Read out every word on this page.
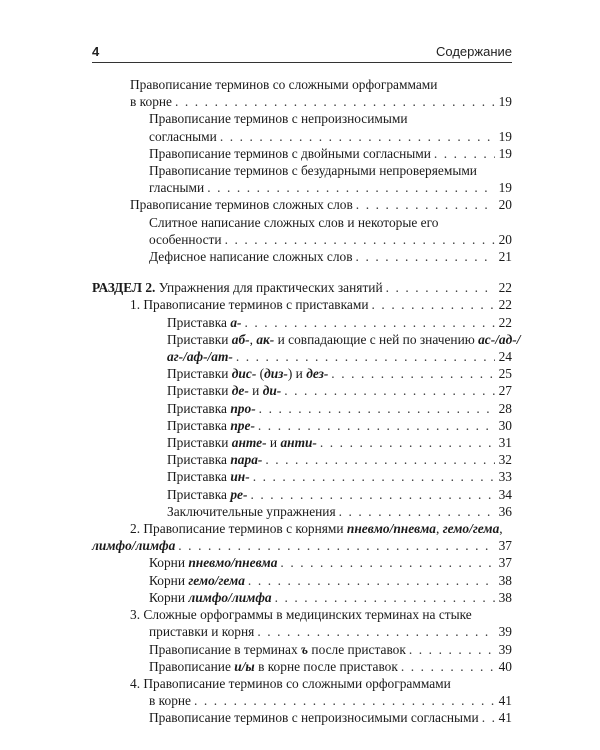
4	Содержание
Правописание терминов со сложными орфограммами
в корне . . .	19
Правописание терминов с непроизносимыми
согласными . . .	19
Правописание терминов с двойными согласными . . .	19
Правописание терминов с безударными непроверяемыми
гласными . . .	19
Правописание терминов сложных слов . . .	20
Слитное написание сложных слов и некоторые его
особенности . . .	20
Дефисное написание сложных слов . . .	21
РАЗДЕЛ 2. Упражнения для практических занятий . . .	22
1. Правописание терминов с приставками . . .	22
Приставка а- . . .	22
Приставки аб-, ак- и совпадающие с ней по значению ас-/ад-/
аг-/аф-/ат- . . .	24
Приставки дис- (диз-) и дез- . . .	25
Приставки де- и ди- . . .	27
Приставка про- . . .	28
Приставка пре- . . .	30
Приставки анте- и анти- . . .	31
Приставка пара- . . .	32
Приставка ин- . . .	33
Приставка ре- . . .	34
Заключительные упражнения . . .	36
2. Правописание терминов с корнями пневмо/пневма, гемо/гема,
лимфо/лимфа . . .	37
Корни пневмо/пневма . . .	37
Корни гемо/гема . . .	38
Корни лимфо/лимфа . . .	38
3. Сложные орфограммы в медицинских терминах на стыке
приставки и корня . . .	39
Правописание в терминах ъ после приставок . . .	39
Правописание и/ы в корне после приставок . . .	40
4. Правописание терминов со сложными орфограммами
в корне . . .	41
Правописание терминов с непроизносимыми согласными . . . 41
